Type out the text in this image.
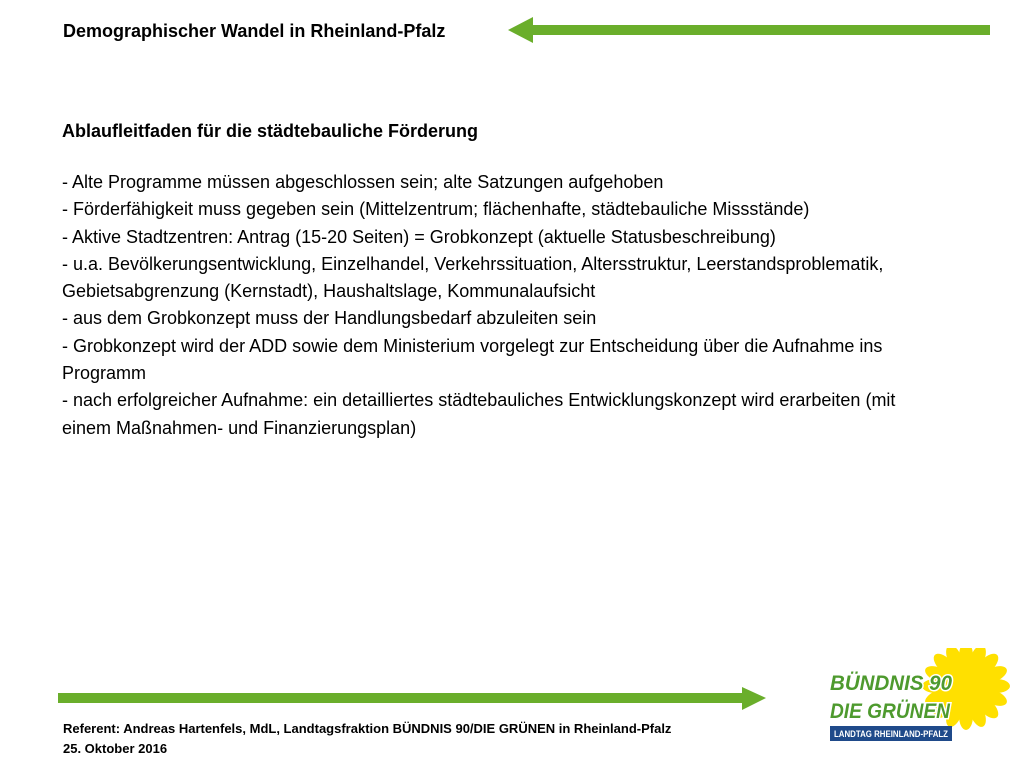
Demographischer Wandel in Rheinland-Pfalz

Ablaufleitfaden für die städtebauliche Förderung

- Alte Programme müssen abgeschlossen sein; alte Satzungen aufgehoben

- Förderfähigkeit muss gegeben sein (Mittelzentrum; flächenhafte, städtebauliche Missstände)

- Aktive Stadtzentren: Antrag (15-20 Seiten) = Grobkonzept (aktuelle Statusbeschreibung)

- u.a. Bevölkerungsentwicklung, Einzelhandel, Verkehrssituation, Altersstruktur, Leerstandsproblematik, Gebietsabgrenzung (Kernstadt), Haushaltslage, Kommunalaufsicht

- aus dem Grobkonzept muss der Handlungsbedarf abzuleiten sein

- Grobkonzept wird der ADD sowie dem Ministerium vorgelegt zur Entscheidung über die Aufnahme ins Programm

- nach erfolgreicher Aufnahme: ein detailliertes städtebauliches Entwicklungskonzept wird erarbeiten (mit einem Maßnahmen- und Finanzierungsplan)

Referent: Andreas Hartenfels, MdL, Landtagsfraktion BÜNDNIS 90/DIE GRÜNEN in Rheinland-Pfalz
25. Oktober 2016
BÜNDNIS 90
DIE GRÜNEN
LANDTAG RHEINLAND-PFALZ
